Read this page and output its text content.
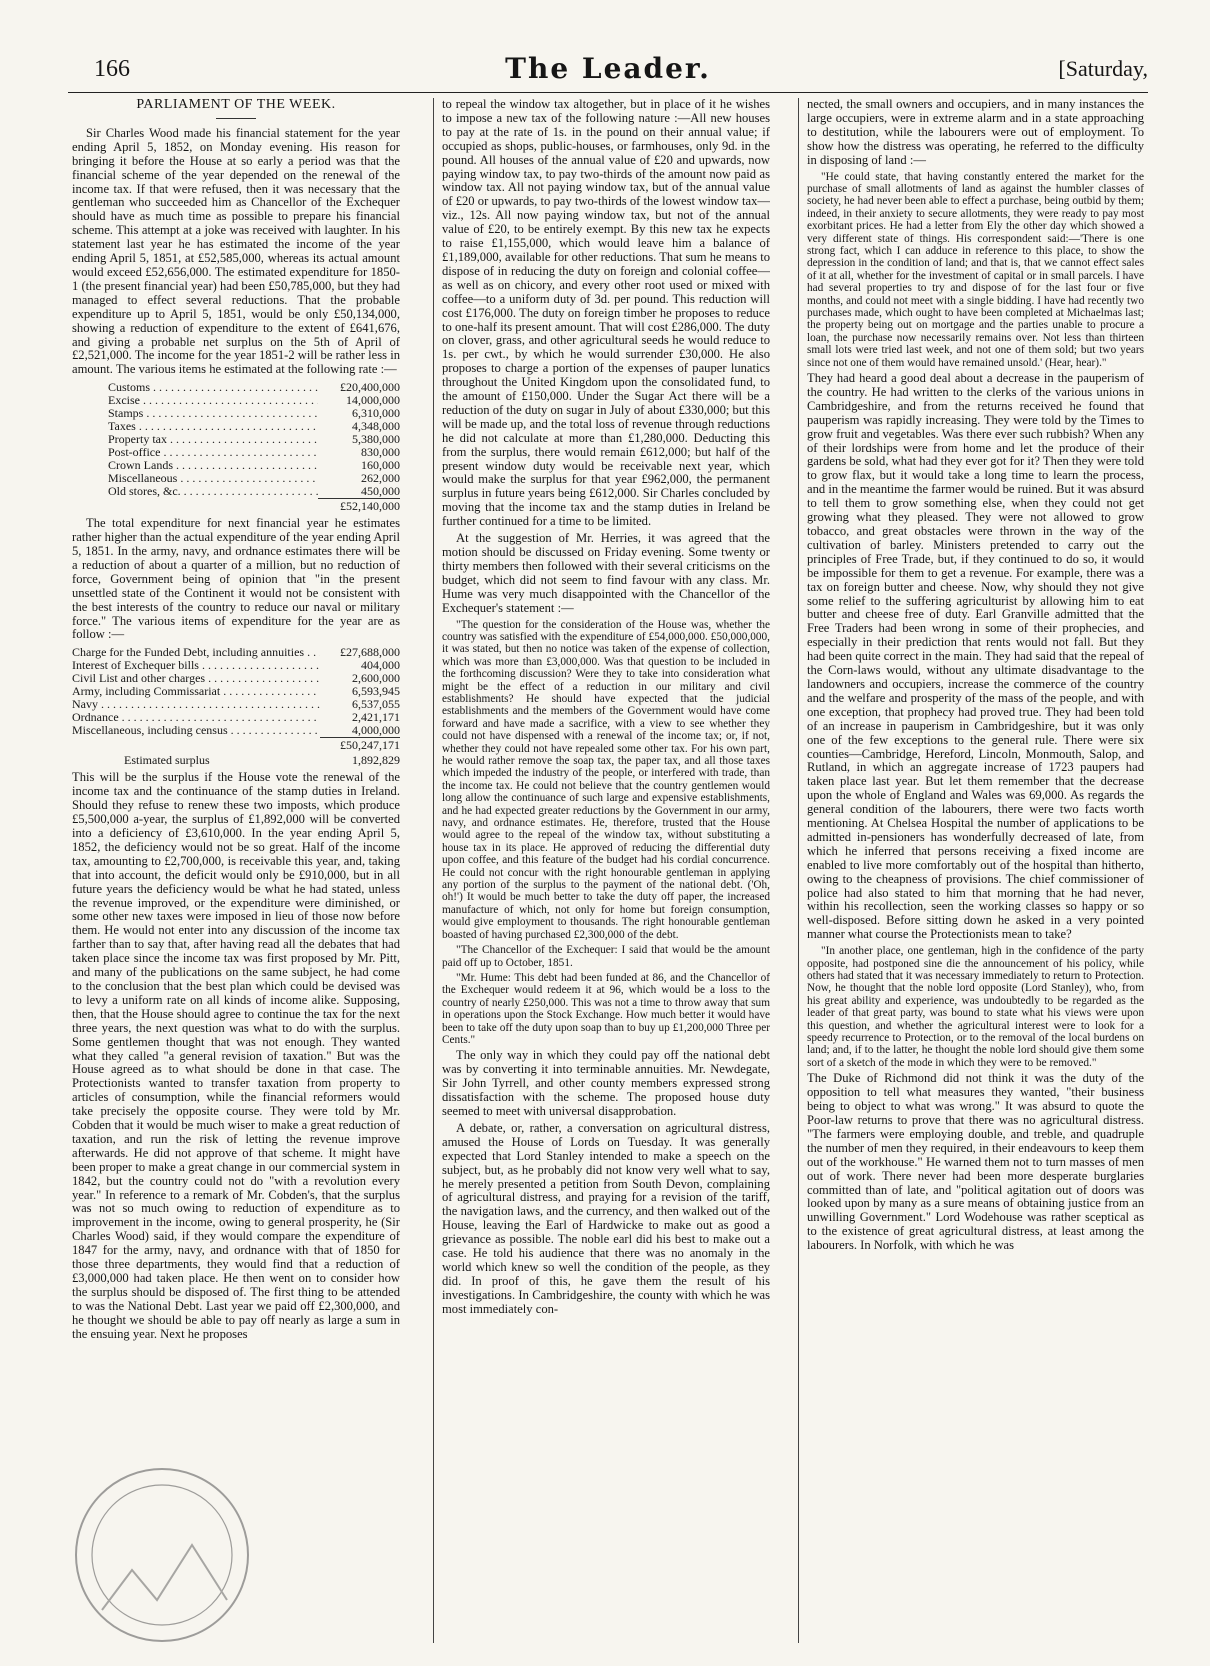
166	The Leader.	[Saturday,
PARLIAMENT OF THE WEEK.

Sir Charles Wood made his financial statement for the year ending April 5, 1852, on Monday evening. His reason for bringing it before the House at so early a period was that the financial scheme of the year depended on the renewal of the income tax. If that were refused, then it was necessary that the gentleman who succeeded him as Chancellor of the Exchequer should have as much time as possible to prepare his financial scheme. This attempt at a joke was received with laughter. In his statement last year he has estimated the income of the year ending April 5, 1851, at £52,585,000, whereas its actual amount would exceed £52,656,000. The estimated expenditure for 1850-1 (the present financial year) had been £50,785,000, but they had managed to effect several reductions. That the probable expenditure up to April 5, 1851, would be only £50,134,000, showing a reduction of expenditure to the extent of £641,676, and giving a probable net surplus on the 5th of April of £2,521,000. The income for the year 1851-2 will be rather less in amount. The various items he estimated at the following rate :—

Customs . . .	£20,400,000
Excise . . .	14,000,000
Stamps . . .	6,310,000
Taxes . . .	4,348,000
Property tax . . .	5,380,000
Post-office . . .	830,000
Crown Lands . . .	160,000
Miscellaneous . . .	262,000
Old stores, &c. . . .	450,000
£52,140,000

The total expenditure for next financial year he estimates rather higher than the actual expenditure of the year ending April 5, 1851. In the army, navy, and ordnance estimates there will be a reduction of about a quarter of a million, but no reduction of force, Government being of opinion that "in the present unsettled state of the Continent it would not be consistent with the best interests of the country to reduce our naval or military force." The various items of expenditure for the year are as follow :—

Charge for the Funded Debt, including annuities . . .	£27,688,000
Interest of Exchequer bills . . .	404,000
Civil List and other charges . . .	2,600,000
Army, including Commissariat . . .	6,593,945
Navy . . .	6,537,055
Ordnance . . .	2,421,171
Miscellaneous, including census . . .	4,000,000
£50,247,171
Estimated surplus	1,892,829

This will be the surplus if the House vote the renewal of the income tax and the continuance of the stamp duties in Ireland. Should they refuse to renew these two imposts, which produce £5,500,000 a-year, the surplus of £1,892,000 will be converted into a deficiency of £3,610,000. In the year ending April 5, 1852, the deficiency would not be so great. Half of the income tax, amounting to £2,700,000, is receivable this year, and, taking that into account, the deficit would only be £910,000, but in all future years the deficiency would be what he had stated, unless the revenue improved, or the expenditure were diminished, or some other new taxes were imposed in lieu of those now before them. He would not enter into any discussion of the income tax farther than to say that, after having read all the debates that had taken place since the income tax was first proposed by Mr. Pitt, and many of the publications on the same subject, he had come to the conclusion that the best plan which could be devised was to levy a uniform rate on all kinds of income alike. Supposing, then, that the House should agree to continue the tax for the next three years, the next question was what to do with the surplus. Some gentlemen thought that was not enough. They wanted what they called "a general revision of taxation." But was the House agreed as to what should be done in that case. The Protectionists wanted to transfer taxation from property to articles of consumption, while the financial reformers would take precisely the opposite course. They were told by Mr. Cobden that it would be much wiser to make a great reduction of taxation, and run the risk of letting the revenue improve afterwards. He did not approve of that scheme. It might have been proper to make a great change in our commercial system in 1842, but the country could not do "with a revolution every year." In reference to a remark of Mr. Cobden's, that the surplus was not so much owing to reduction of expenditure as to improvement in the income, owing to general prosperity, he (Sir Charles Wood) said, if they would compare the expenditure of 1847 for the army, navy, and ordnance with that of 1850 for those three departments, they would find that a reduction of £3,000,000 had taken place. He then went on to consider how the surplus should be disposed of. The first thing to be attended to was the National Debt. Last year we paid off £2,300,000, and he thought we should be able to pay off nearly as large a sum in the ensuing year. Next he proposes

to repeal the window tax altogether, but in place of it he wishes to impose a new tax of the following nature :—All new houses to pay at the rate of 1s. in the pound on their annual value; if occupied as shops, public-houses, or farmhouses, only 9d. in the pound. All houses of the annual value of £20 and upwards, now paying window tax, to pay two-thirds of the amount now paid as window tax. All not paying window tax, but of the annual value of £20 or upwards, to pay two-thirds of the lowest window tax—viz., 12s. All now paying window tax, but not of the annual value of £20, to be entirely exempt. By this new tax he expects to raise £1,155,000, which would leave him a balance of £1,189,000, available for other reductions. That sum he means to dispose of in reducing the duty on foreign and colonial coffee—as well as on chicory, and every other root used or mixed with coffee—to a uniform duty of 3d. per pound. This reduction will cost £176,000. The duty on foreign timber he proposes to reduce to one-half its present amount. That will cost £286,000. The duty on clover, grass, and other agricultural seeds he would reduce to 1s. per cwt., by which he would surrender £30,000. He also proposes to charge a portion of the expenses of pauper lunatics throughout the United Kingdom upon the consolidated fund, to the amount of £150,000. Under the Sugar Act there will be a reduction of the duty on sugar in July of about £330,000; but this will be made up, and the total loss of revenue through reductions he did not calculate at more than £1,280,000. Deducting this from the surplus, there would remain £612,000; but half of the present window duty would be receivable next year, which would make the surplus for that year £962,000, the permanent surplus in future years being £612,000. Sir Charles concluded by moving that the income tax and the stamp duties in Ireland be further continued for a time to be limited.

At the suggestion of Mr. Herries, it was agreed that the motion should be discussed on Friday evening. Some twenty or thirty members then followed with their several criticisms on the budget, which did not seem to find favour with any class. Mr. Hume was very much disappointed with the Chancellor of the Exchequer's statement :—

"The question for the consideration of the House was, whether the country was satisfied with the expenditure of £54,000,000. £50,000,000, it was stated, but then no notice was taken of the expense of collection, which was more than £3,000,000. Was that question to be included in the forthcoming discussion? Were they to take into consideration what might be the effect of a reduction in our military and civil establishments? He should have expected that the judicial establishments and the members of the Government would have come forward and have made a sacrifice, with a view to see whether they could not have dispensed with a renewal of the income tax; or, if not, whether they could not have repealed some other tax. For his own part, he would rather remove the soap tax, the paper tax, and all those taxes which impeded the industry of the people, or interfered with trade, than the income tax. He could not believe that the country gentlemen would long allow the continuance of such large and expensive establishments, and he had expected greater reductions by the Government in our army, navy, and ordnance estimates. He, therefore, trusted that the House would agree to the repeal of the window tax, without substituting a house tax in its place. He approved of reducing the differential duty upon coffee, and this feature of the budget had his cordial concurrence. He could not concur with the right honourable gentleman in applying any portion of the surplus to the payment of the national debt. ('Oh, oh!') It would be much better to take the duty off paper, the increased manufacture of which, not only for home but foreign consumption, would give employment to thousands. The right honourable gentleman boasted of having purchased £2,300,000 of the debt.

"The Chancellor of the Exchequer: I said that would be the amount paid off up to October, 1851.

"Mr. Hume: This debt had been funded at 86, and the Chancellor of the Exchequer would redeem it at 96, which would be a loss to the country of nearly £250,000. This was not a time to throw away that sum in operations upon the Stock Exchange. How much better it would have been to take off the duty upon soap than to buy up £1,200,000 Three per Cents."

The only way in which they could pay off the national debt was by converting it into terminable annuities. Mr. Newdegate, Sir John Tyrrell, and other county members expressed strong dissatisfaction with the scheme. The proposed house duty seemed to meet with universal disapprobation.

A debate, or, rather, a conversation on agricultural distress, amused the House of Lords on Tuesday. It was generally expected that Lord Stanley intended to make a speech on the subject, but, as he probably did not know very well what to say, he merely presented a petition from South Devon, complaining of agricultural distress, and praying for a revision of the tariff, the navigation laws, and the currency, and then walked out of the House, leaving the Earl of Hardwicke to make out as good a grievance as possible. The noble earl did his best to make out a case. He told his audience that there was no anomaly in the world which knew so well the condition of the people, as they did. In proof of this, he gave them the result of his investigations. In Cambridgeshire, the county with which he was most immediately con-

nected, the small owners and occupiers, and in many instances the large occupiers, were in extreme alarm and in a state approaching to destitution, while the labourers were out of employment. To show how the distress was operating, he referred to the difficulty in disposing of land :—

"He could state, that having constantly entered the market for the purchase of small allotments of land as against the humbler classes of society, he had never been able to effect a purchase, being outbid by them; indeed, in their anxiety to secure allotments, they were ready to pay most exorbitant prices. He had a letter from Ely the other day which showed a very different state of things. His correspondent said:—'There is one strong fact, which I can adduce in reference to this place, to show the depression in the condition of land; and that is, that we cannot effect sales of it at all, whether for the investment of capital or in small parcels. I have had several properties to try and dispose of for the last four or five months, and could not meet with a single bidding. I have had recently two purchases made, which ought to have been completed at Michaelmas last; the property being out on mortgage and the parties unable to procure a loan, the purchase now necessarily remains over. Not less than thirteen small lots were tried last week, and not one of them sold; but two years since not one of them would have remained unsold.' (Hear, hear)."

They had heard a good deal about a decrease in the pauperism of the country. He had written to the clerks of the various unions in Cambridgeshire, and from the returns received he found that pauperism was rapidly increasing. They were told by the Times to grow fruit and vegetables. Was there ever such rubbish? When any of their lordships were from home and let the produce of their gardens be sold, what had they ever got for it? Then they were told to grow flax, but it would take a long time to learn the process, and in the meantime the farmer would be ruined. But it was absurd to tell them to grow something else, when they could not get growing what they pleased. They were not allowed to grow tobacco, and great obstacles were thrown in the way of the cultivation of barley. Ministers pretended to carry out the principles of Free Trade, but, if they continued to do so, it would be impossible for them to get a revenue. For example, there was a tax on foreign butter and cheese. Now, why should they not give some relief to the suffering agriculturist by allowing him to eat butter and cheese free of duty. Earl Granville admitted that the Free Traders had been wrong in some of their prophecies, and especially in their prediction that rents would not fall. But they had been quite correct in the main. They had said that the repeal of the Corn-laws would, without any ultimate disadvantage to the landowners and occupiers, increase the commerce of the country and the welfare and prosperity of the mass of the people, and with one exception, that prophecy had proved true. They had been told of an increase in pauperism in Cambridgeshire, but it was only one of the few exceptions to the general rule. There were six counties—Cambridge, Hereford, Lincoln, Monmouth, Salop, and Rutland, in which an aggregate increase of 1723 paupers had taken place last year. But let them remember that the decrease upon the whole of England and Wales was 69,000. As regards the general condition of the labourers, there were two facts worth mentioning. At Chelsea Hospital the number of applications to be admitted in-pensioners has wonderfully decreased of late, from which he inferred that persons receiving a fixed income are enabled to live more comfortably out of the hospital than hitherto, owing to the cheapness of provisions. The chief commissioner of police had also stated to him that morning that he had never, within his recollection, seen the working classes so happy or so well-disposed. Before sitting down he asked in a very pointed manner what course the Protectionists mean to take?

"In another place, one gentleman, high in the confidence of the party opposite, had postponed sine die the announcement of his policy, while others had stated that it was necessary immediately to return to Protection. Now, he thought that the noble lord opposite (Lord Stanley), who, from his great ability and experience, was undoubtedly to be regarded as the leader of that great party, was bound to state what his views were upon this question, and whether the agricultural interest were to look for a speedy recurrence to Protection, or to the removal of the local burdens on land; and, if to the latter, he thought the noble lord should give them some sort of a sketch of the mode in which they were to be removed."

The Duke of Richmond did not think it was the duty of the opposition to tell what measures they wanted, "their business being to object to what was wrong." It was absurd to quote the Poor-law returns to prove that there was no agricultural distress. "The farmers were employing double, and treble, and quadruple the number of men they required, in their endeavours to keep them out of the workhouse." He warned them not to turn masses of men out of work. There never had been more desperate burglaries committed than of late, and "political agitation out of doors was looked upon by many as a sure means of obtaining justice from an unwilling Government." Lord Wodehouse was rather sceptical as to the existence of great agricultural distress, at least among the labourers. In Norfolk, with which he was
